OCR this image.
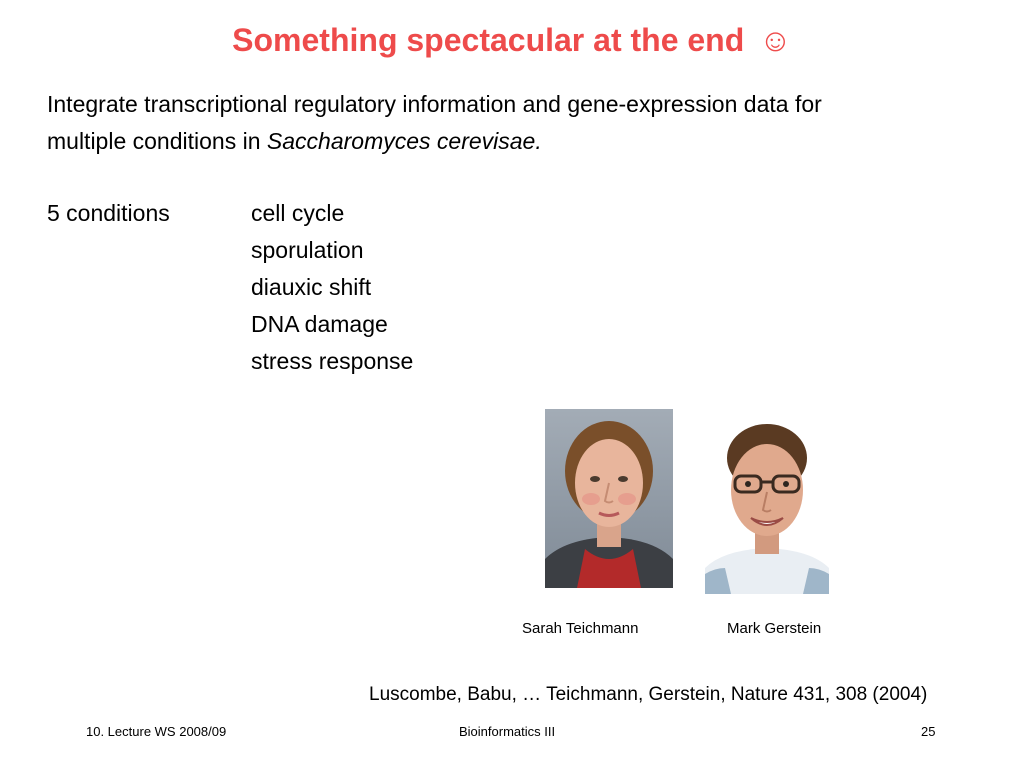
Something spectacular at the end ☺
Integrate transcriptional regulatory information and gene-expression data for
multiple conditions in Saccharomyces cerevisae.
5 conditions	cell cycle
sporulation
diauxic shift
DNA damage
stress response
Sarah Teichmann	Mark Gerstein
Luscombe, Babu, … Teichmann, Gerstein, Nature 431, 308 (2004)
10. Lecture WS 2008/09	Bioinformatics III	25
